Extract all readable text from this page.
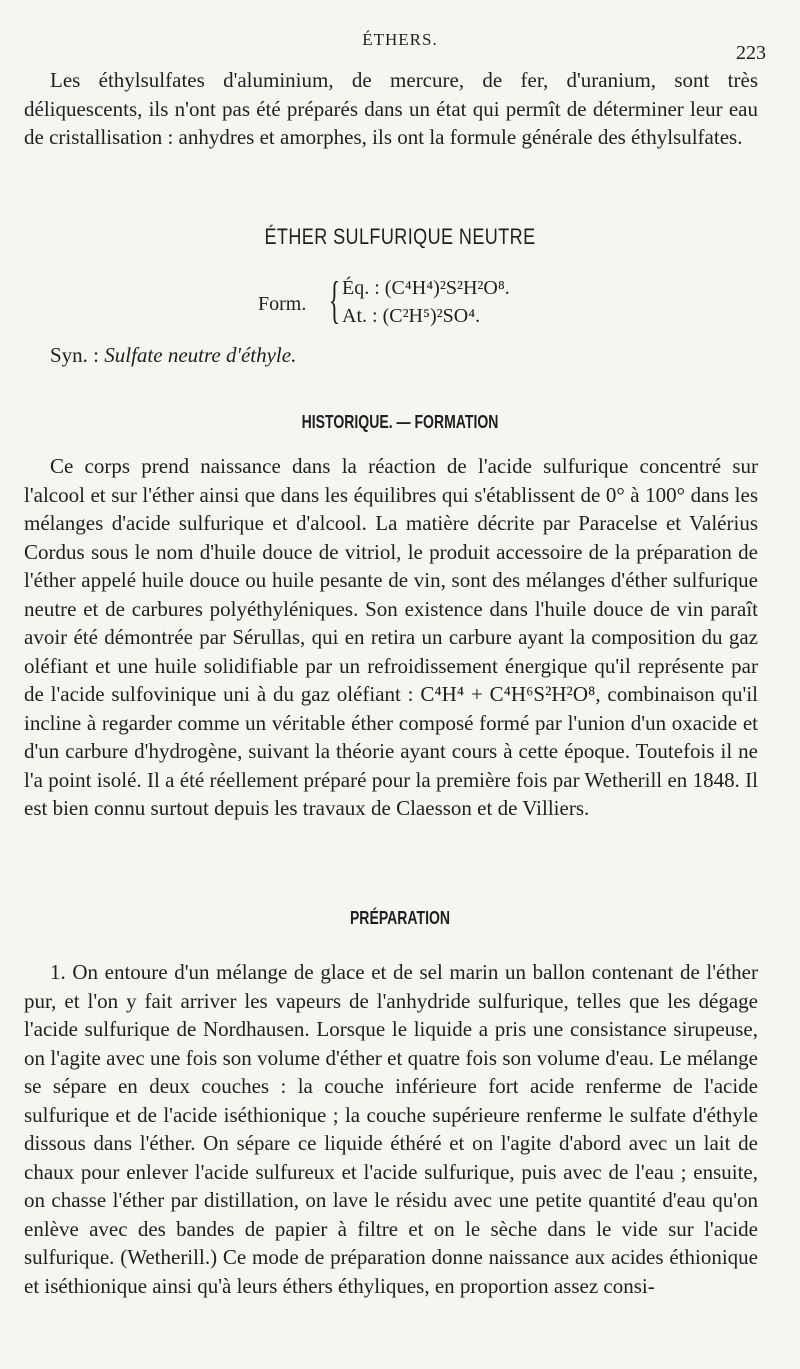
ÉTHERS.
223

Les éthylsulfates d'aluminium, de mercure, de fer, d'uranium, sont très déliquescents, ils n'ont pas été préparés dans un état qui permît de déterminer leur eau de cristallisation : anhydres et amorphes, ils ont la formule générale des éthylsulfates.

ÉTHER SULFURIQUE NEUTRE
Form. { Éq. : (C⁴H⁴)²S²H²O⁸.
At. : (C²H⁵)²SO⁴.
Syn. : Sulfate neutre d'éthyle.
HISTORIQUE. — FORMATION

Ce corps prend naissance dans la réaction de l'acide sulfurique concentré sur l'alcool et sur l'éther ainsi que dans les équilibres qui s'établissent de 0° à 100° dans les mélanges d'acide sulfurique et d'alcool. La matière décrite par Paracelse et Valérius Cordus sous le nom d'huile douce de vitriol, le produit accessoire de la préparation de l'éther appelé huile douce ou huile pesante de vin, sont des mélanges d'éther sulfurique neutre et de carbures polyéthyléniques. Son existence dans l'huile douce de vin paraît avoir été démontrée par Sérullas, qui en retira un carbure ayant la composition du gaz oléfiant et une huile solidifiable par un refroidissement énergique qu'il représente par de l'acide sulfovinique uni à du gaz oléfiant : C⁴H⁴ + C⁴H⁶S²H²O⁸, combinaison qu'il incline à regarder comme un véritable éther composé formé par l'union d'un oxacide et d'un carbure d'hydrogène, suivant la théorie ayant cours à cette époque. Toutefois il ne l'a point isolé. Il a été réellement préparé pour la première fois par Wetherill en 1848. Il est bien connu surtout depuis les travaux de Claesson et de Villiers.

PRÉPARATION

1. On entoure d'un mélange de glace et de sel marin un ballon contenant de l'éther pur, et l'on y fait arriver les vapeurs de l'anhydride sulfurique, telles que les dégage l'acide sulfurique de Nordhausen. Lorsque le liquide a pris une consistance sirupeuse, on l'agite avec une fois son volume d'éther et quatre fois son volume d'eau. Le mélange se sépare en deux couches : la couche inférieure fort acide renferme de l'acide sulfurique et de l'acide iséthionique ; la couche supérieure renferme le sulfate d'éthyle dissous dans l'éther. On sépare ce liquide éthéré et on l'agite d'abord avec un lait de chaux pour enlever l'acide sulfureux et l'acide sulfurique, puis avec de l'eau ; ensuite, on chasse l'éther par distillation, on lave le résidu avec une petite quantité d'eau qu'on enlève avec des bandes de papier à filtre et on le sèche dans le vide sur l'acide sulfurique. (Wetherill.) Ce mode de préparation donne naissance aux acides éthionique et iséthionique ainsi qu'à leurs éthers éthyliques, en proportion assez consi-
